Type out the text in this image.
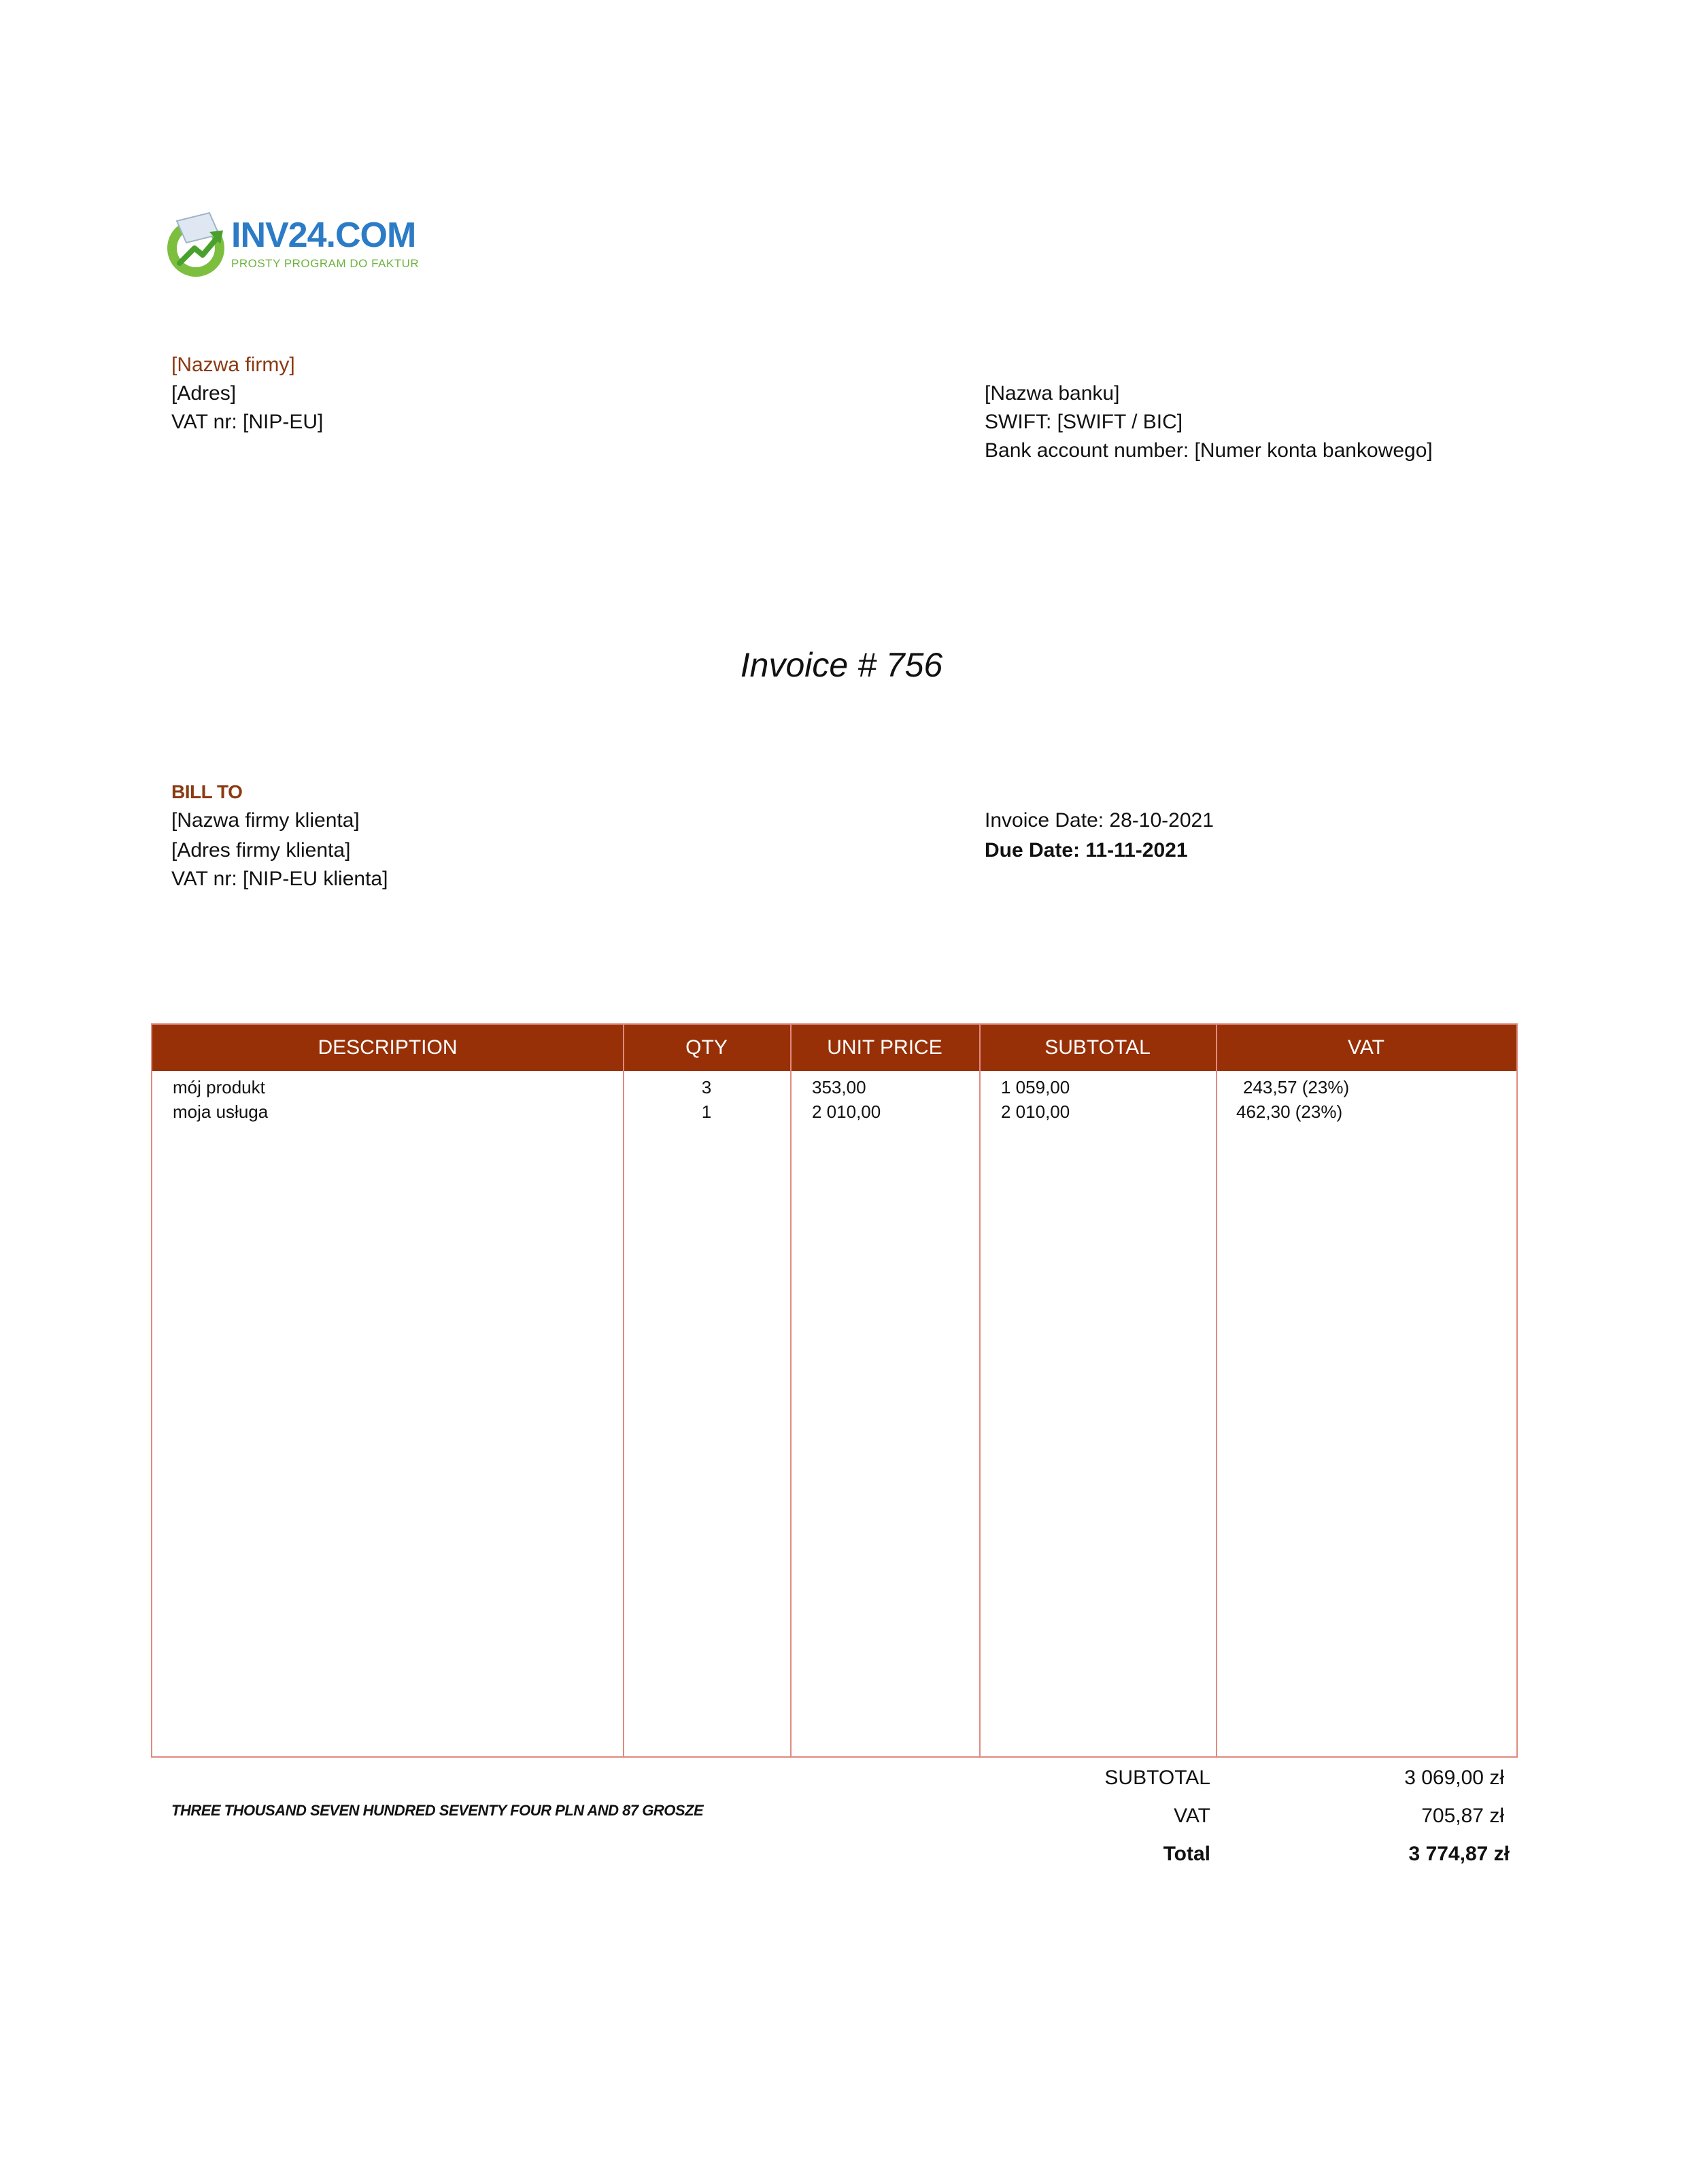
INV24.COM
PROSTY PROGRAM DO FAKTUR
[Nazwa firmy]
[Adres]
VAT nr: [NIP-EU]
[Nazwa banku]
SWIFT: [SWIFT / BIC]
Bank account number: [Numer konta bankowego]
Invoice # 756
BILL TO
[Nazwa firmy klienta]
[Adres firmy klienta]
VAT nr: [NIP-EU klienta]
Invoice Date: 28-10-2021
Due Date: 11-11-2021
DESCRIPTION	QTY	UNIT PRICE	SUBTOTAL	VAT
mój produkt	3	353,00	1 059,00	243,57 (23%)
moja usługa	1	2 010,00	2 010,00	462,30 (23%)
SUBTOTAL	3 069,00 zł
VAT	705,87 zł
Total	3 774,87 zł
THREE THOUSAND SEVEN HUNDRED SEVENTY FOUR PLN AND 87 GROSZE
